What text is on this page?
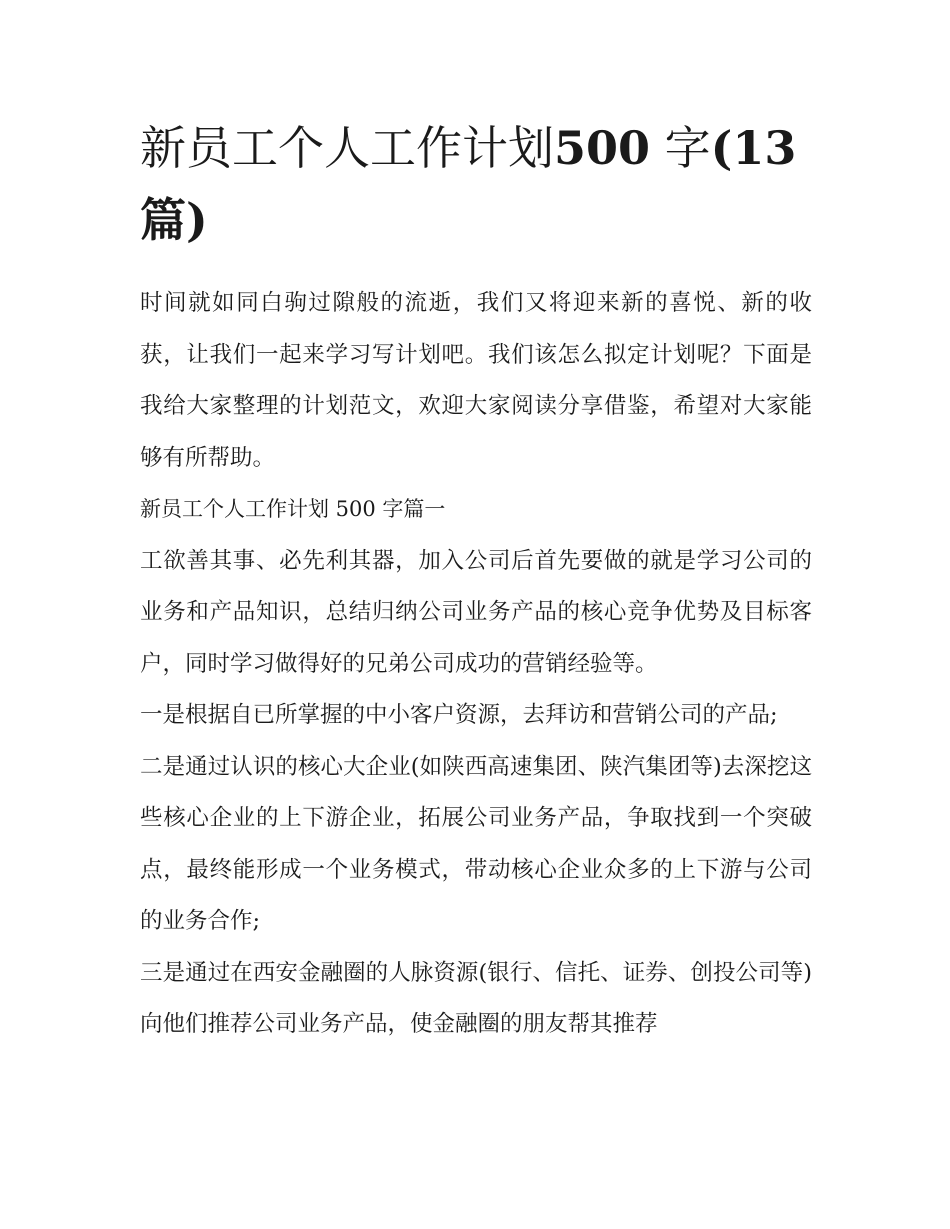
新员工个人工作计划500 字(13
篇)

时间就如同白驹过隙般的流逝，我们又将迎来新的喜悦、新的收获，让我们一起来学习写计划吧。我们该怎么拟定计划呢？下面是我给大家整理的计划范文，欢迎大家阅读分享借鉴，希望对大家能够有所帮助。

新员工个人工作计划 500 字篇一

工欲善其事、必先利其器，加入公司后首先要做的就是学习公司的业务和产品知识，总结归纳公司业务产品的核心竞争优势及目标客户，同时学习做得好的兄弟公司成功的营销经验等。

一是根据自已所掌握的中小客户资源，去拜访和营销公司的产品;

二是通过认识的核心大企业(如陕西高速集团、陕汽集团等)去深挖这些核心企业的上下游企业，拓展公司业务产品，争取找到一个突破点，最终能形成一个业务模式，带动核心企业众多的上下游与公司的业务合作;

三是通过在西安金融圈的人脉资源(银行、信托、证券、创投公司等)向他们推荐公司业务产品，使金融圈的朋友帮其推荐
